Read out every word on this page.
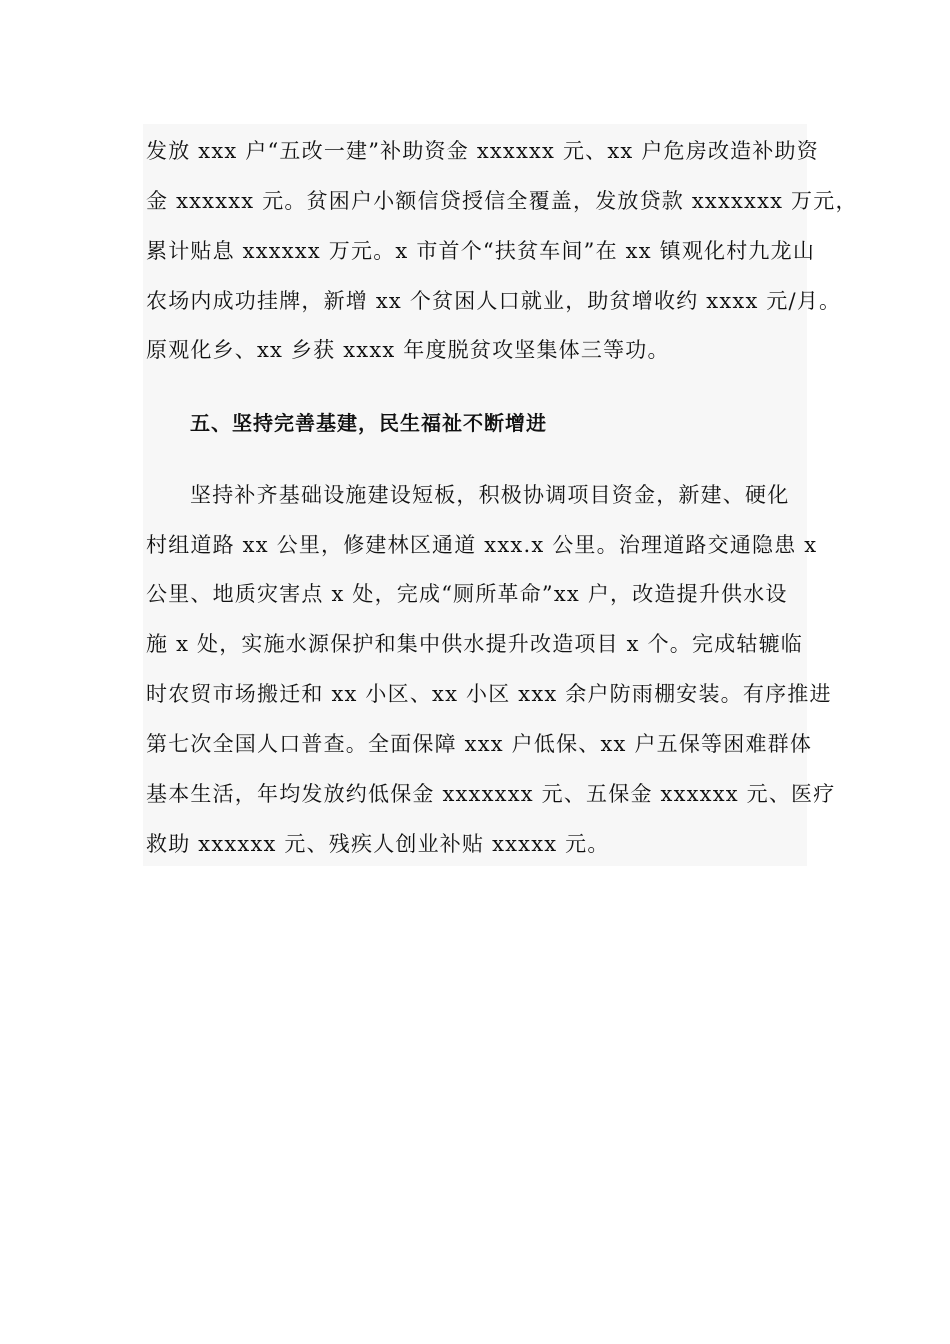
发放 xxx 户“五改一建”补助资金 xxxxxx 元、xx 户危房改造补助资
金 xxxxxx 元。贫困户小额信贷授信全覆盖，发放贷款 xxxxxxx 万元，
累计贴息 xxxxxx 万元。x 市首个“扶贫车间”在 xx 镇观化村九龙山
农场内成功挂牌，新增 xx 个贫困人口就业，助贫增收约 xxxx 元/月。
原观化乡、xx 乡获 xxxx 年度脱贫攻坚集体三等功。
五、坚持完善基建，民生福祉不断增进
坚持补齐基础设施建设短板，积极协调项目资金，新建、硬化
村组道路 xx 公里，修建林区通道 xxx.x 公里。治理道路交通隐患 x
公里、地质灾害点 x 处，完成“厕所革命”xx 户，改造提升供水设
施 x 处，实施水源保护和集中供水提升改造项目 x 个。完成轱辘临
时农贸市场搬迁和 xx 小区、xx 小区 xxx 余户防雨棚安装。有序推进
第七次全国人口普查。全面保障 xxx 户低保、xx 户五保等困难群体
基本生活，年均发放约低保金 xxxxxxx 元、五保金 xxxxxx 元、医疗
救助 xxxxxx 元、残疾人创业补贴 xxxxx 元。
